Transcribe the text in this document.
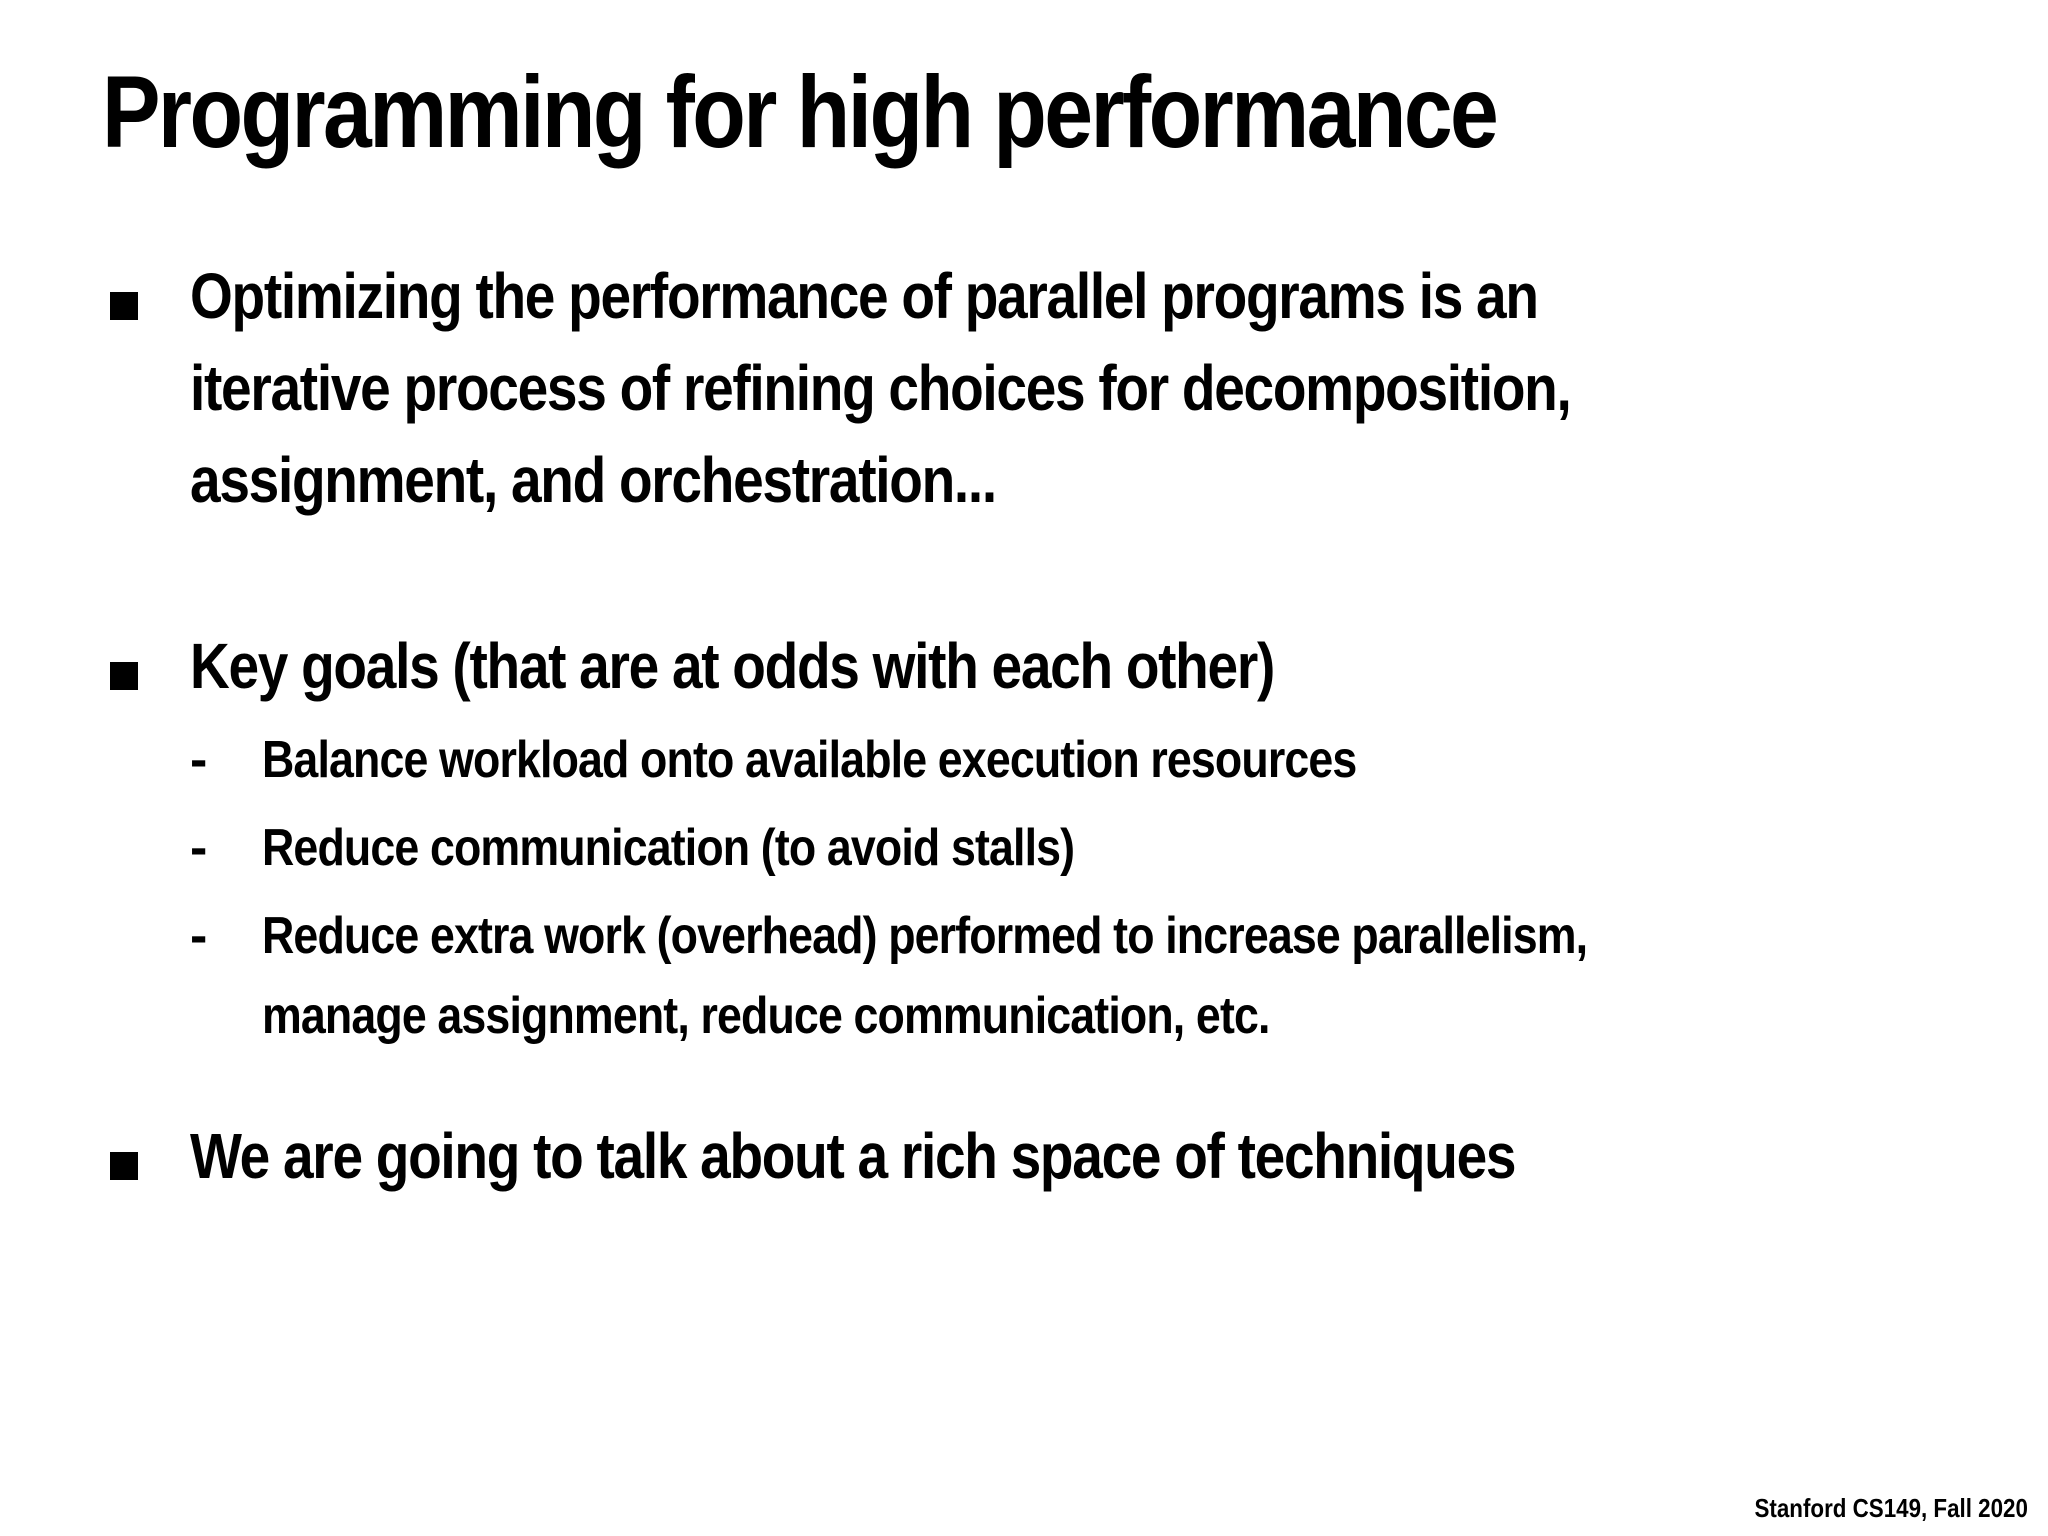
Programming for high performance

Optimizing the performance of parallel programs is an

iterative process of refining choices for decomposition,

assignment, and orchestration...

Key goals (that are at odds with each other)

- Balance workload onto available execution resources

- Reduce communication (to avoid stalls)

- Reduce extra work (overhead) performed to increase parallelism,

manage assignment, reduce communication, etc.

We are going to talk about a rich space of techniques

Stanford CS149, Fall 2020
